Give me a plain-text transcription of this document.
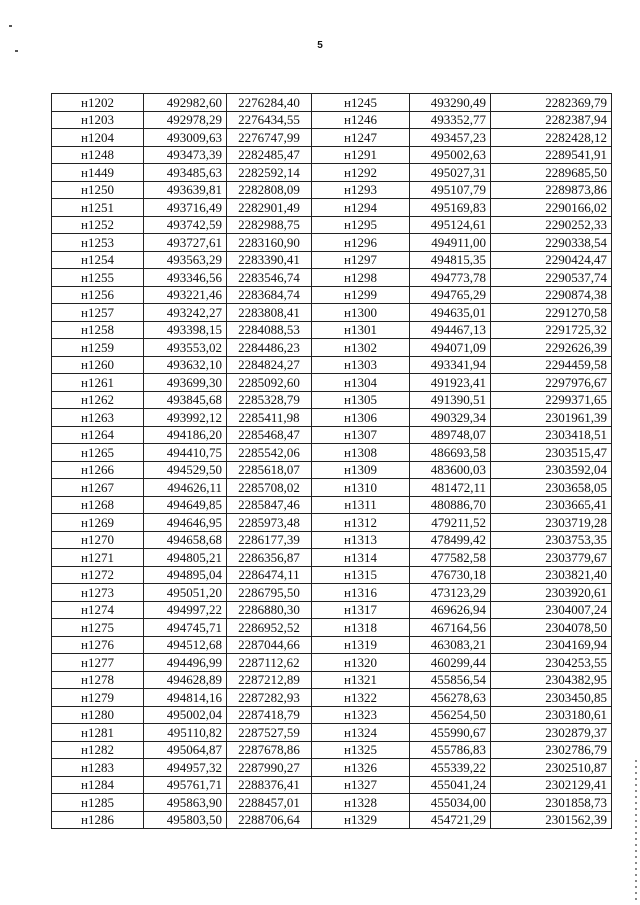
5
н1202	492982,60	2276284,40	н1245	493290,49	2282369,79
н1203	492978,29	2276434,55	н1246	493352,77	2282387,94
н1204	493009,63	2276747,99	н1247	493457,23	2282428,12
н1248	493473,39	2282485,47	н1291	495002,63	2289541,91
н1449	493485,63	2282592,14	н1292	495027,31	2289685,50
н1250	493639,81	2282808,09	н1293	495107,79	2289873,86
н1251	493716,49	2282901,49	н1294	495169,83	2290166,02
н1252	493742,59	2282988,75	н1295	495124,61	2290252,33
н1253	493727,61	2283160,90	н1296	494911,00	2290338,54
н1254	493563,29	2283390,41	н1297	494815,35	2290424,47
н1255	493346,56	2283546,74	н1298	494773,78	2290537,74
н1256	493221,46	2283684,74	н1299	494765,29	2290874,38
н1257	493242,27	2283808,41	н1300	494635,01	2291270,58
н1258	493398,15	2284088,53	н1301	494467,13	2291725,32
н1259	493553,02	2284486,23	н1302	494071,09	2292626,39
н1260	493632,10	2284824,27	н1303	493341,94	2294459,58
н1261	493699,30	2285092,60	н1304	491923,41	2297976,67
н1262	493845,68	2285328,79	н1305	491390,51	2299371,65
н1263	493992,12	2285411,98	н1306	490329,34	2301961,39
н1264	494186,20	2285468,47	н1307	489748,07	2303418,51
н1265	494410,75	2285542,06	н1308	486693,58	2303515,47
н1266	494529,50	2285618,07	н1309	483600,03	2303592,04
н1267	494626,11	2285708,02	н1310	481472,11	2303658,05
н1268	494649,85	2285847,46	н1311	480886,70	2303665,41
н1269	494646,95	2285973,48	н1312	479211,52	2303719,28
н1270	494658,68	2286177,39	н1313	478499,42	2303753,35
н1271	494805,21	2286356,87	н1314	477582,58	2303779,67
н1272	494895,04	2286474,11	н1315	476730,18	2303821,40
н1273	495051,20	2286795,50	н1316	473123,29	2303920,61
н1274	494997,22	2286880,30	н1317	469626,94	2304007,24
н1275	494745,71	2286952,52	н1318	467164,56	2304078,50
н1276	494512,68	2287044,66	н1319	463083,21	2304169,94
н1277	494496,99	2287112,62	н1320	460299,44	2304253,55
н1278	494628,89	2287212,89	н1321	455856,54	2304382,95
н1279	494814,16	2287282,93	н1322	456278,63	2303450,85
н1280	495002,04	2287418,79	н1323	456254,50	2303180,61
н1281	495110,82	2287527,59	н1324	455990,67	2302879,37
н1282	495064,87	2287678,86	н1325	455786,83	2302786,79
н1283	494957,32	2287990,27	н1326	455339,22	2302510,87
н1284	495761,71	2288376,41	н1327	455041,24	2302129,41
н1285	495863,90	2288457,01	н1328	455034,00	2301858,73
н1286	495803,50	2288706,64	н1329	454721,29	2301562,39
